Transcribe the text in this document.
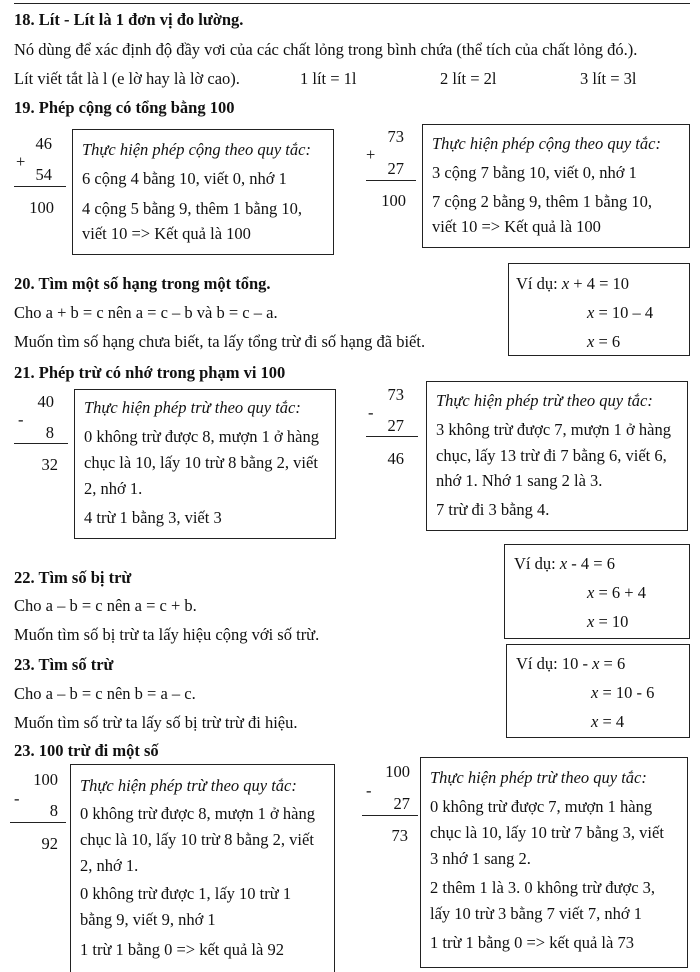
18. Lít - Lít là 1 đơn vị đo lường.
Nó dùng để xác định độ đầy vơi của các chất lỏng trong bình chứa (thể tích của chất lỏng đó.).
Lít viết tắt là l (e lờ hay là lờ cao).	1 lít = 1l	2 lít = 2l	3 lít = 3l
19. Phép cộng có tổng bằng 100
46
+
54
100
Thực hiện phép cộng theo quy tắc:
6 cộng 4 bằng 10, viết 0, nhớ 1
4 cộng 5 bằng 9, thêm 1 bằng 10,
viết 10 => Kết quả là 100
73
+
27
100
Thực hiện phép cộng theo quy tắc:
3 cộng 7 bằng 10, viết 0, nhớ 1
7 cộng 2 bằng 9, thêm 1 bằng 10,
viết 10 => Kết quả là 100
20. Tìm một số hạng trong một tổng.
Cho a + b = c nên a = c – b và b = c – a.
Muốn tìm số hạng chưa biết, ta lấy tổng trừ đi số hạng đã biết.
Ví dụ: x + 4 = 10
x = 10 – 4
x = 6
21. Phép trừ có nhớ trong phạm vi 100
40
-
8
32
Thực hiện phép trừ theo quy tắc:
0 không trừ được 8, mượn 1 ở hàng
chục là 10, lấy 10 trừ 8 bằng 2, viết
2, nhớ 1.
4 trừ 1 bằng 3, viết 3
73
-
27
46
Thực hiện phép trừ theo quy tắc:
3 không trừ được 7, mượn 1 ở hàng
chục, lấy 13 trừ đi 7 bằng 6, viết 6,
nhớ 1. Nhớ 1 sang 2 là 3.
7 trừ đi 3 bằng 4.
22. Tìm số bị trừ
Cho a – b = c nên a = c + b.
Muốn tìm số bị trừ ta lấy hiệu cộng với số trừ.
Ví dụ: x - 4 = 6
x = 6 + 4
x = 10
23. Tìm số trừ
Cho a – b = c nên b = a – c.
Muốn tìm số trừ ta lấy số bị trừ trừ đi hiệu.
Ví dụ: 10 - x = 6
x = 10 - 6
x = 4
23. 100 trừ đi một số
100
-
8
92
Thực hiện phép trừ theo quy tắc:
0 không trừ được 8, mượn 1 ở hàng
chục là 10, lấy 10 trừ 8 bằng 2, viết
2, nhớ 1.
0 không trừ được 1, lấy 10 trừ 1
bằng 9, viết 9, nhớ 1
1 trừ 1 bằng 0 => kết quả là 92
100
-
27
73
Thực hiện phép trừ theo quy tắc:
0 không trừ được 7, mượn 1 hàng
chục là 10, lấy 10 trừ 7 bằng 3, viết
3 nhớ 1 sang 2.
2 thêm 1 là 3. 0 không trừ được 3,
lấy 10 trừ 3 bằng 7 viết 7, nhớ 1
1 trừ 1 bằng 0 => kết quả là 73
